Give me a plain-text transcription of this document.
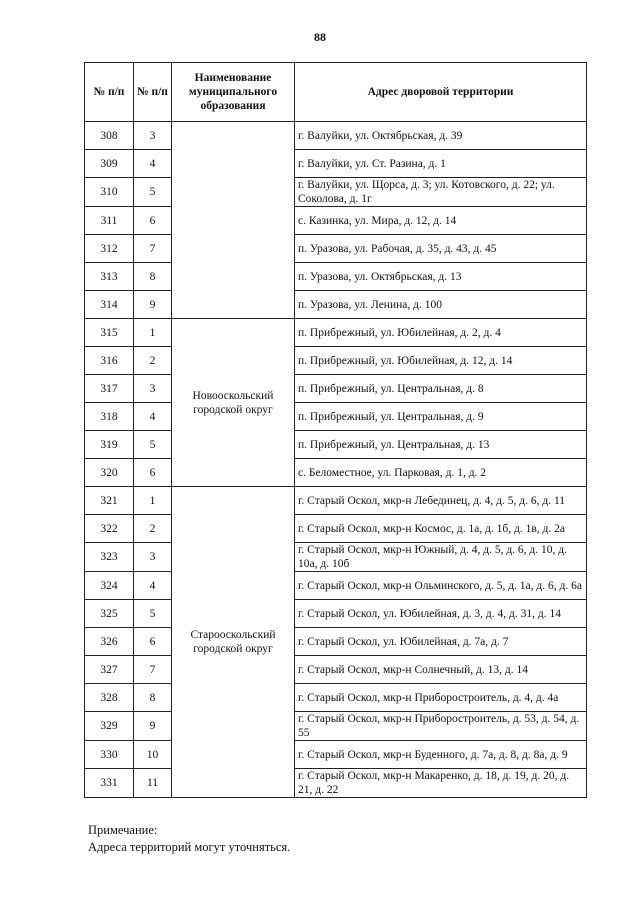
88
№ п/п	№ п/п	Наименование муниципального образования	Адрес дворовой территории
308	3		г. Валуйки, ул. Октябрьская, д. 39
309	4		г. Валуйки, ул. Ст. Разина, д. 1
310	5		г. Валуйки, ул. Щорса, д. 3; ул. Котовского, д. 22; ул. Соколова, д. 1г
311	6		с. Казинка, ул. Мира, д. 12, д. 14
312	7		п. Уразова, ул. Рабочая, д. 35, д. 43, д. 45
313	8		п. Уразова, ул. Октябрьская, д. 13
314	9		п. Уразова, ул. Ленина, д. 100
315	1	Новооскольский городской округ	п. Прибрежный, ул. Юбилейная, д. 2, д. 4
316	2		п. Прибрежный, ул. Юбилейная, д. 12, д. 14
317	3		п. Прибрежный, ул. Центральная, д. 8
318	4		п. Прибрежный, ул. Центральная, д. 9
319	5		п. Прибрежный, ул. Центральная, д. 13
320	6		с. Беломестное, ул. Парковая, д. 1, д. 2
321	1	Старооскольский городской округ	г. Старый Оскол, мкр-н Лебединец, д. 4, д. 5, д. 6, д. 11
322	2		г. Старый Оскол, мкр-н Космос, д. 1а, д. 1б, д. 1в, д. 2а
323	3		г. Старый Оскол, мкр-н Южный, д. 4, д. 5, д. 6, д. 10, д. 10а, д. 10б
324	4		г. Старый Оскол, мкр-н Ольминского, д. 5, д. 1а, д. 6, д. 6а
325	5		г. Старый Оскол, ул. Юбилейная, д. 3, д. 4, д. 31, д. 14
326	6		г. Старый Оскол, ул. Юбилейная, д. 7а, д. 7
327	7		г. Старый Оскол, мкр-н Солнечный, д. 13, д. 14
328	8		г. Старый Оскол, мкр-н Приборостроитель, д. 4, д. 4а
329	9		г. Старый Оскол, мкр-н Приборостроитель, д. 53, д. 54, д. 55
330	10		г. Старый Оскол, мкр-н Буденного, д. 7а, д. 8, д. 8а, д. 9
331	11		г. Старый Оскол, мкр-н Макаренко, д. 18, д. 19, д. 20, д. 21, д. 22
Примечание:
Адреса территорий могут уточняться.
